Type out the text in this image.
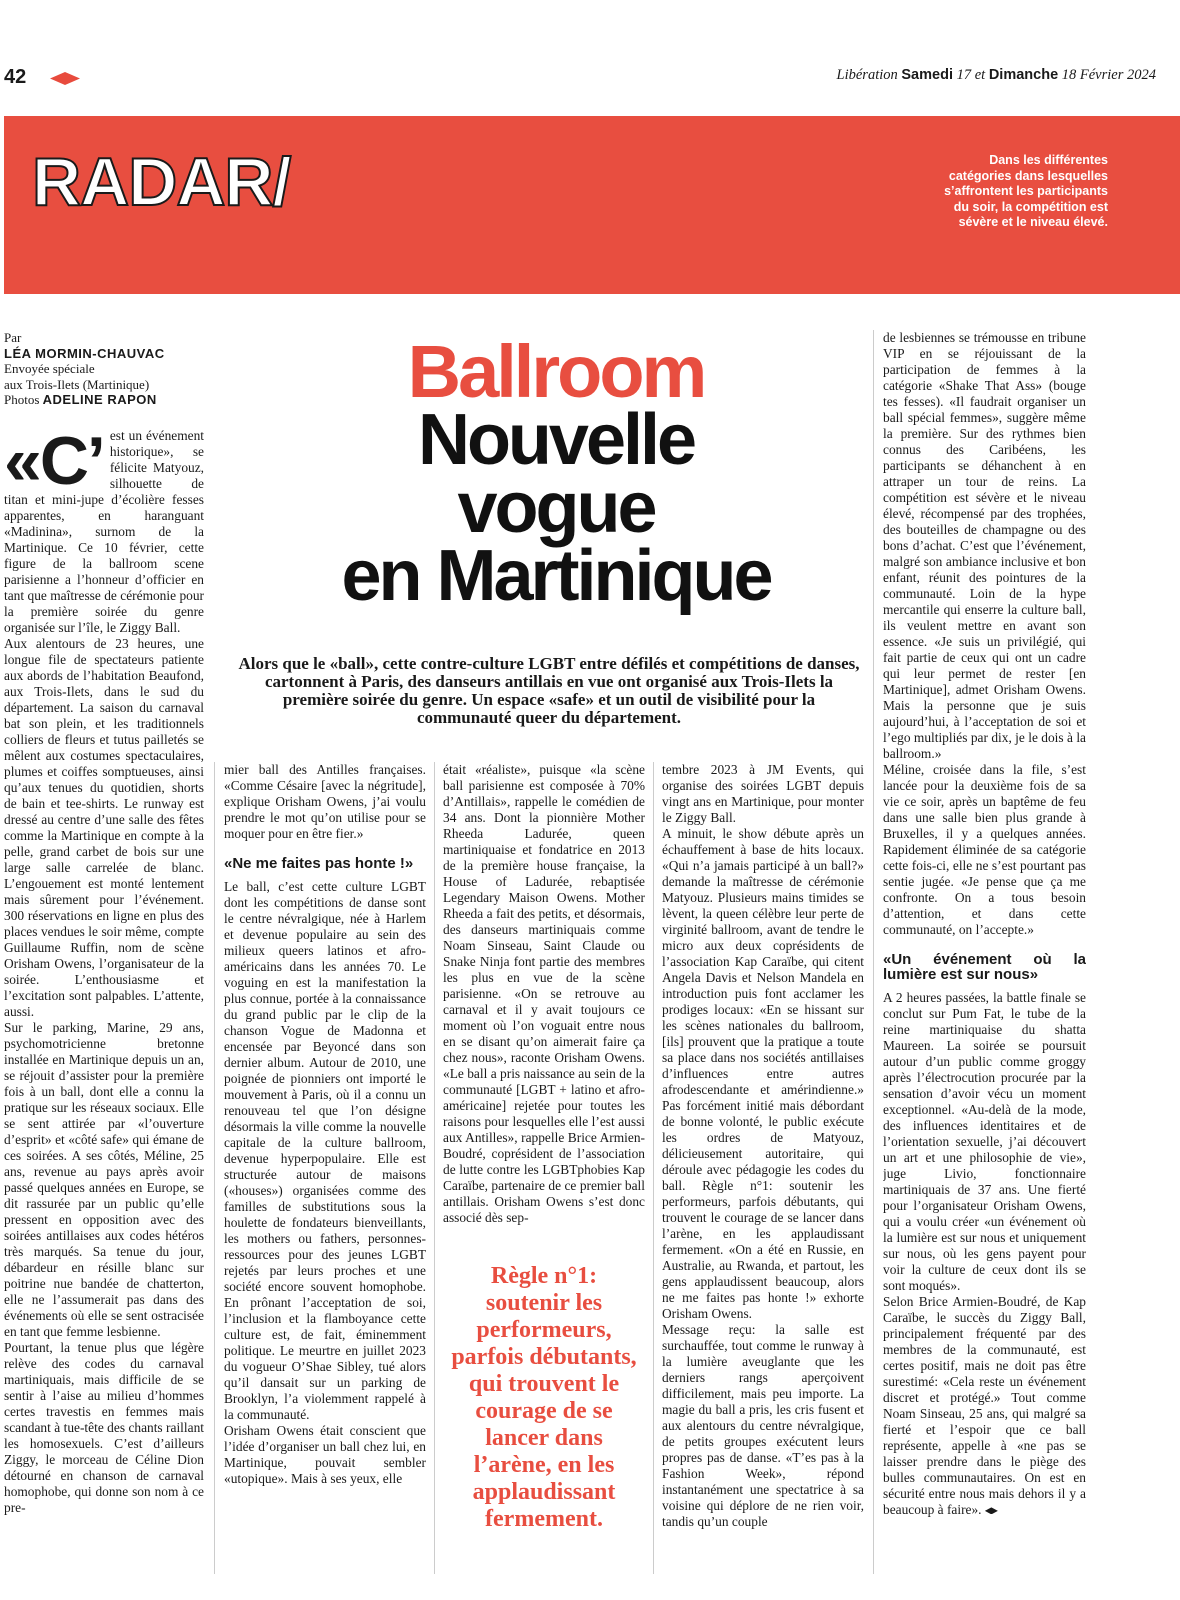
42	Libération Samedi 17 et Dimanche 18 Février 2024
RADAR/	Dans les différentes catégories dans lesquelles s’affrontent les participants du soir, la compétition est sévère et le niveau élevé.
Par
LÉA MORMIN-CHAUVAC
Envoyée spéciale
aux Trois-Ilets (Martinique)
Photos ADELINE RAPON	Ballroom
Nouvelle
vogue
en Martinique
Alors que le «ball», cette contre-culture LGBT entre défilés et compétitions de danses, cartonnent à Paris, des danseurs antillais en vue ont organisé aux Trois-Ilets la première soirée du genre. Un espace «safe» et un outil de visibilité pour la communauté queer du département.
«C’ est un événement historique», se félicite Matyouz, silhouette de titan et mini-jupe d’écolière fesses apparentes, en haranguant «Madinina», surnom de la Martinique. Ce 10 février, cette figure de la ballroom scene parisienne a l’honneur d’officier en tant que maîtresse de cérémonie pour la première soirée du genre organisée sur l’île, le Ziggy Ball.

Aux alentours de 23 heures, une longue file de spectateurs patiente aux abords de l’habitation Beaufond, aux Trois-Ilets, dans le sud du département. La saison du carnaval bat son plein, et les traditionnels colliers de fleurs et tutus pailletés se mêlent aux costumes spectaculaires, plumes et coiffes somptueuses, ainsi qu’aux tenues du quotidien, shorts de bain et tee-shirts. Le runway est dressé au centre d’une salle des fêtes comme la Martinique en compte à la pelle, grand carbet de bois sur une large salle carrelée de blanc. L’engouement est monté lentement mais sûrement pour l’événement. 300 réservations en ligne en plus des places vendues le soir même, compte Guillaume Ruffin, nom de scène Orisham Owens, l’organisateur de la soirée. L’enthousiasme et l’excitation sont palpables. L’attente, aussi.

Sur le parking, Marine, 29 ans, psychomotricienne bretonne installée en Martinique depuis un an, se réjouit d’assister pour la première fois à un ball, dont elle a connu la pratique sur les réseaux sociaux. Elle se sent attirée par «l’ouverture d’esprit» et «côté safe» qui émane de ces soirées. A ses côtés, Méline, 25 ans, revenue au pays après avoir passé quelques années en Europe, se dit rassurée par un public qu’elle pressent en opposition avec des soirées antillaises aux codes hétéros très marqués. Sa tenue du jour, débardeur en résille blanc sur poitrine nue bandée de chatterton, elle ne l’assumerait pas dans des événements où elle se sent ostracisée en tant que femme lesbienne.

Pourtant, la tenue plus que légère relève des codes du carnaval martiniquais, mais difficile de se sentir à l’aise au milieu d’hommes certes travestis en femmes mais scandant à tue-tête des chants raillant les homosexuels. C’est d’ailleurs Ziggy, le morceau de Céline Dion détourné en chanson de carnaval homophobe, qui donne son nom à ce pre-

mier ball des Antilles françaises. «Comme Césaire [avec la négritude], explique Orisham Owens, j’ai voulu prendre le mot qu’on utilise pour se moquer pour en être fier.»

«Ne me faites pas honte !»

Le ball, c’est cette culture LGBT dont les compétitions de danse sont le centre névralgique, née à Harlem et devenue populaire au sein des milieux queers latinos et afro-américains dans les années 70. Le voguing en est la manifestation la plus connue, portée à la connaissance du grand public par le clip de la chanson Vogue de Madonna et encensée par Beyoncé dans son dernier album. Autour de 2010, une poignée de pionniers ont importé le mouvement à Paris, où il a connu un renouveau tel que l’on désigne désormais la ville comme la nouvelle capitale de la culture ballroom, devenue hyperpopulaire. Elle est structurée autour de maisons («houses») organisées comme des familles de substitutions sous la houlette de fondateurs bienveillants, les mothers ou fathers, personnes-ressources pour des jeunes LGBT rejetés par leurs proches et une société encore souvent homophobe. En prônant l’acceptation de soi, l’inclusion et la flamboyance cette culture est, de fait, éminemment politique. Le meurtre en juillet 2023 du vogueur O’Shae Sibley, tué alors qu’il dansait sur un parking de Brooklyn, l’a violemment rappelé à la communauté.

Orisham Owens était conscient que l’idée d’organiser un ball chez lui, en Martinique, pouvait sembler «utopique». Mais à ses yeux, elle

était «réaliste», puisque «la scène ball parisienne est composée à 70% d’Antillais», rappelle le comédien de 34 ans. Dont la pionnière Mother Rheeda Ladurée, queen martiniquaise et fondatrice en 2013 de la première house française, la House of Ladurée, rebaptisée Legendary Maison Owens. Mother Rheeda a fait des petits, et désormais, des danseurs martiniquais comme Noam Sinseau, Saint Claude ou Snake Ninja font partie des membres les plus en vue de la scène parisienne. «On se retrouve au carnaval et il y avait toujours ce moment où l’on voguait entre nous en se disant qu’on aimerait faire ça chez nous», raconte Orisham Owens. «Le ball a pris naissance au sein de la communauté [LGBT + latino et afro-américaine] rejetée pour toutes les raisons pour lesquelles elle l’est aussi aux Antilles», rappelle Brice Armien-Boudré, coprésident de l’association de lutte contre les LGBTphobies Kap Caraïbe, partenaire de ce premier ball antillais. Orisham Owens s’est donc associé dès sep-

Règle n°1: soutenir les performeurs, parfois débutants, qui trouvent le courage de se lancer dans l’arène, en les applaudissant fermement.

tembre 2023 à JM Events, qui organise des soirées LGBT depuis vingt ans en Martinique, pour monter le Ziggy Ball.

A minuit, le show débute après un échauffement à base de hits locaux. «Qui n’a jamais participé à un ball?» demande la maîtresse de cérémonie Matyouz. Plusieurs mains timides se lèvent, la queen célèbre leur perte de virginité ballroom, avant de tendre le micro aux deux coprésidents de l’association Kap Caraïbe, qui citent Angela Davis et Nelson Mandela en introduction puis font acclamer les prodiges locaux: «En se hissant sur les scènes nationales du ballroom, [ils] prouvent que la pratique a toute sa place dans nos sociétés antillaises d’influences entre autres afrodescendante et amérindienne.» Pas forcément initié mais débordant de bonne volonté, le public exécute les ordres de Matyouz, délicieusement autoritaire, qui déroule avec pédagogie les codes du ball. Règle n°1: soutenir les performeurs, parfois débutants, qui trouvent le courage de se lancer dans l’arène, en les applaudissant fermement. «On a été en Russie, en Australie, au Rwanda, et partout, les gens applaudissent beaucoup, alors ne me faites pas honte !» exhorte Orisham Owens.

Message reçu: la salle est surchauffée, tout comme le runway à la lumière aveuglante que les derniers rangs aperçoivent difficilement, mais peu importe. La magie du ball a pris, les cris fusent et aux alentours du centre névralgique, de petits groupes exécutent leurs propres pas de danse. «T’es pas à la Fashion Week», répond instantanément une spectatrice à sa voisine qui déplore de ne rien voir, tandis qu’un couple

de lesbiennes se trémousse en tribune VIP en se réjouissant de la participation de femmes à la catégorie «Shake That Ass» (bouge tes fesses). «Il faudrait organiser un ball spécial femmes», suggère même la première. Sur des rythmes bien connus des Caribéens, les participants se déhanchent à en attraper un tour de reins. La compétition est sévère et le niveau élevé, récompensé par des trophées, des bouteilles de champagne ou des bons d’achat. C’est que l’événement, malgré son ambiance inclusive et bon enfant, réunit des pointures de la communauté. Loin de la hype mercantile qui enserre la culture ball, ils veulent mettre en avant son essence. «Je suis un privilégié, qui fait partie de ceux qui ont un cadre qui leur permet de rester [en Martinique], admet Orisham Owens. Mais la personne que je suis aujourd’hui, à l’acceptation de soi et l’ego multipliés par dix, je le dois à la ballroom.»

Méline, croisée dans la file, s’est lancée pour la deuxième fois de sa vie ce soir, après un baptême de feu dans une salle bien plus grande à Bruxelles, il y a quelques années. Rapidement éliminée de sa catégorie cette fois-ci, elle ne s’est pourtant pas sentie jugée. «Je pense que ça me confronte. On a tous besoin d’attention, et dans cette communauté, on l’accepte.»

«Un événement où la lumière est sur nous»

A 2 heures passées, la battle finale se conclut sur Pum Fat, le tube de la reine martiniquaise du shatta Maureen. La soirée se poursuit autour d’un public comme groggy après l’électrocution procurée par la sensation d’avoir vécu un moment exceptionnel. «Au-delà de la mode, des influences identitaires et de l’orientation sexuelle, j’ai découvert un art et une philosophie de vie», juge Livio, fonctionnaire martiniquais de 37 ans. Une fierté pour l’organisateur Orisham Owens, qui a voulu créer «un événement où la lumière est sur nous et uniquement sur nous, où les gens payent pour voir la culture de ceux dont ils se sont moqués».

Selon Brice Armien-Boudré, de Kap Caraïbe, le succès du Ziggy Ball, principalement fréquenté par des membres de la communauté, est certes positif, mais ne doit pas être surestimé: «Cela reste un événement discret et protégé.» Tout comme Noam Sinseau, 25 ans, qui malgré sa fierté et l’espoir que ce ball représente, appelle à «ne pas se laisser prendre dans le piège des bulles communautaires. On est en sécurité entre nous mais dehors il y a beaucoup à faire».
